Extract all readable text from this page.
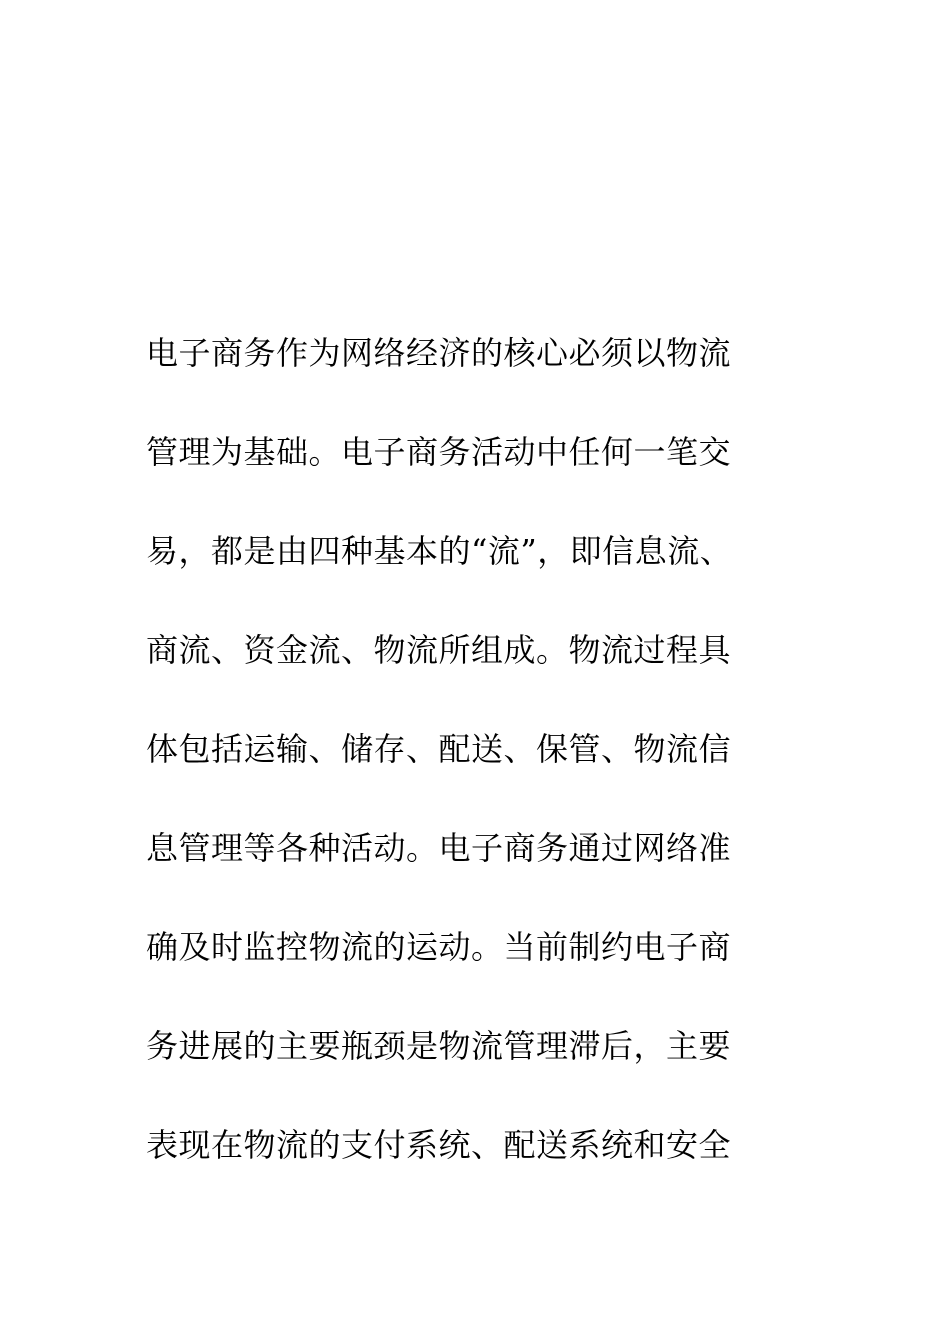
电子商务作为网络经济的核心必须以物流
管理为基础。电子商务活动中任何一笔交
易，都是由四种基本的“流”，即信息流、
商流、资金流、物流所组成。物流过程具
体包括运输、储存、配送、保管、物流信
息管理等各种活动。电子商务通过网络准
确及时监控物流的运动。当前制约电子商
务进展的主要瓶颈是物流管理滞后，主要
表现在物流的支付系统、配送系统和安全
